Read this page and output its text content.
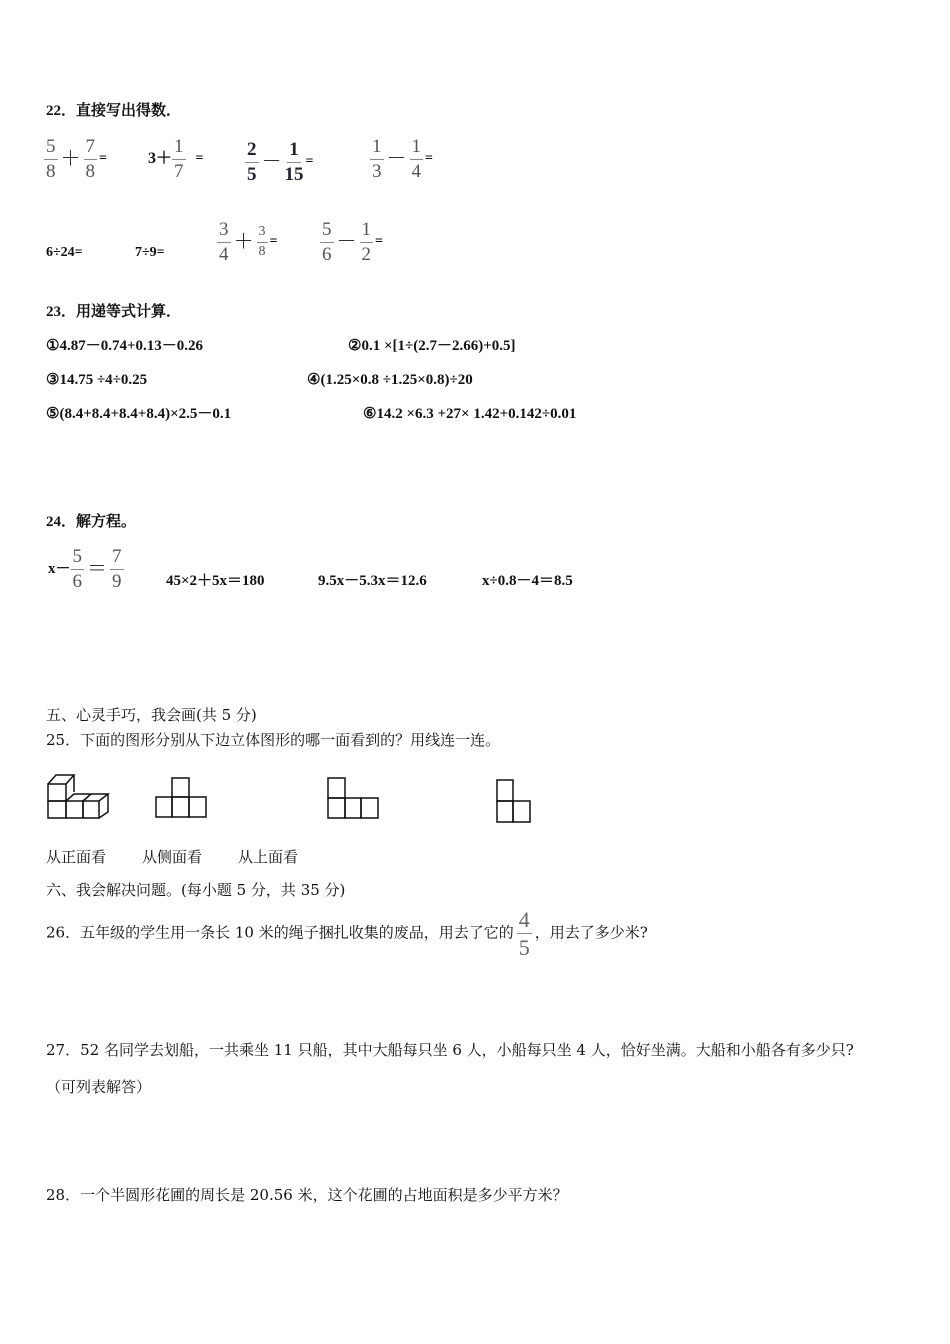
22．直接写出得数．
$\frac{5}{8} + \frac{7}{8}$ =	$3+ \frac{1}{7} = \frac{2}{5} - \frac{1}{15}$ =	$\frac{1}{3} - \frac{1}{4}$ =
6÷24=	7÷9=	$\frac{3}{4} + \frac{3}{8} = \frac{5}{6} - \frac{1}{2}$ =
23．用递等式计算．
①4.87－0.74+0.13－0.26	②0.1 ×[1÷(2.7－2.66)+0.5]
③14.75 ÷4÷0.25	④(1.25×0.8 ÷1.25×0.8)÷20
⑤(8.4+8.4+8.4+8.4)×2.5－0.1	⑥14.2 ×6.3 +27× 1.42+0.142÷0.01
24．解方程。
$x- \frac{5}{6} = \frac{7}{9}$	45×2＋5x＝180	9.5x－5.3x＝12.6	x÷0.8－4＝8.5
五、心灵手巧，我会画(共 5 分)
25．下面的图形分别从下边立体图形的哪一面看到的？用线连一连。
从正面看 从侧面看 从上面看
六、我会解决问题。(每小题 5 分，共 35 分)
26．五年级的学生用一条长 10 米的绳子捆扎收集的废品，用去了它的 $\frac{4}{5}$ ，用去了多少米?
27．52 名同学去划船，一共乘坐 11 只船，其中大船每只坐 6 人，小船每只坐 4 人，恰好坐满。大船和小船各有多少只?
（可列表解答）
28．一个半圆形花圃的周长是 20.56 米，这个花圃的占地面积是多少平方米？
